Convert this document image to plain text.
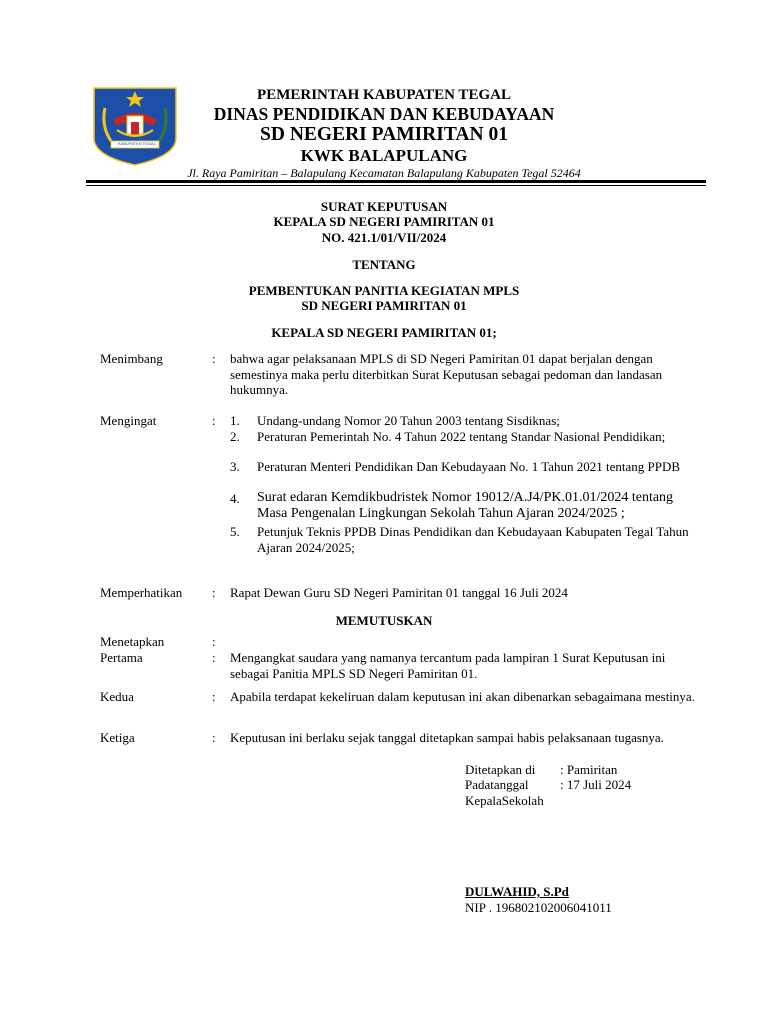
KABUPATEN TEGAL
PEMERINTAH KABUPATEN TEGAL
DINAS PENDIDIKAN DAN KEBUDAYAAN
SD NEGERI PAMIRITAN 01
KWK BALAPULANG
Jl. Raya Pamiritan – Balapulang Kecamatan Balapulang Kabupaten Tegal 52464
SURAT KEPUTUSAN
KEPALA SD NEGERI PAMIRITAN 01
NO. 421.1/01/VII/2024
TENTANG
PEMBENTUKAN PANITIA KEGIATAN MPLS
SD NEGERI PAMIRITAN 01
KEPALA SD NEGERI PAMIRITAN 01;
Menimbang	: bahwa agar pelaksanaan MPLS di SD Negeri Pamiritan 01 dapat berjalan dengan semestinya maka perlu diterbitkan Surat Keputusan sebagai pedoman dan landasan hukumnya.
Mengingat	: 1. Undang-undang Nomor 20 Tahun 2003 tentang Sisdiknas;
2. Peraturan Pemerintah No. 4 Tahun 2022 tentang Standar Nasional Pendidikan;
3. Peraturan Menteri Pendidikan Dan Kebudayaan No. 1 Tahun 2021 tentang PPDB
4. Surat edaran Kemdikbudristek Nomor 19012/A.J4/PK.01.01/2024 tentang Masa Pengenalan Lingkungan Sekolah Tahun Ajaran 2024/2025 ;
5. Petunjuk Teknis PPDB Dinas Pendidikan dan Kebudayaan Kabupaten Tegal Tahun Ajaran 2024/2025;
Memperhatikan : Rapat Dewan Guru SD Negeri Pamiritan 01 tanggal 16 Juli 2024
MEMUTUSKAN
Menetapkan	:
Pertama	: Mengangkat saudara yang namanya tercantum pada lampiran 1 Surat Keputusan ini sebagai Panitia MPLS SD Negeri Pamiritan 01.
Kedua	: Apabila terdapat kekeliruan dalam keputusan ini akan dibenarkan sebagaimana mestinya.
Ketiga	: Keputusan ini berlaku sejak tanggal ditetapkan sampai habis pelaksanaan tugasnya.
Ditetapkan di : Pamiritan
Padatanggal : 17 Juli 2024
KepalaSekolah
DULWAHID, S.Pd
NIP . 196802102006041011
